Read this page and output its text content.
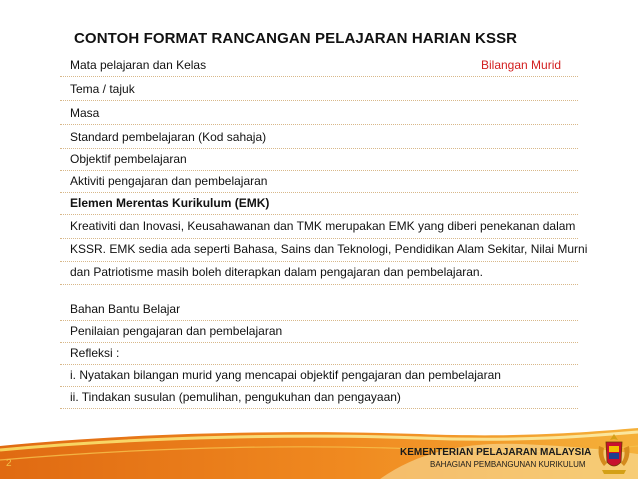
CONTOH FORMAT RANCANGAN PELAJARAN HARIAN KSSR
Mata pelajaran dan Kelas	Bilangan Murid
Tema / tajuk
Masa
Standard pembelajaran (Kod sahaja)
Objektif pembelajaran
Aktiviti pengajaran dan pembelajaran
Elemen Merentas Kurikulum (EMK)
Kreativiti dan Inovasi, Keusahawanan dan TMK merupakan EMK yang diberi penekanan dalam
KSSR. EMK sedia ada seperti Bahasa, Sains dan Teknologi, Pendidikan Alam Sekitar, Nilai Murni
dan Patriotisme masih boleh diterapkan dalam pengajaran dan pembelajaran.
Bahan Bantu Belajar
Penilaian pengajaran dan pembelajaran
Refleksi :
i. Nyatakan bilangan murid yang mencapai objektif pengajaran dan pembelajaran
ii. Tindakan susulan (pemulihan, pengukuhan dan pengayaan)
2
KEMENTERIAN PELAJARAN MALAYSIA
BAHAGIAN PEMBANGUNAN KURIKULUM
